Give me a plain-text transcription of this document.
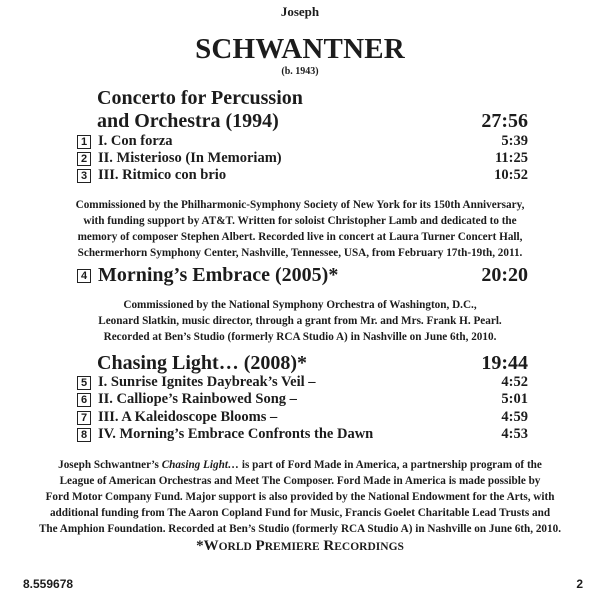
Joseph
SCHWANTNER
(b. 1943)
Concerto for Percussion
and Orchestra (1994)	27:56
1 I. Con forza	5:39
2 II. Misterioso (In Memoriam)	11:25
3 III. Ritmico con brio	10:52

Commissioned by the Philharmonic-Symphony Society of New York for its 150th Anniversary,

with funding support by AT&T. Written for soloist Christopher Lamb and dedicated to the

memory of composer Stephen Albert. Recorded live in concert at Laura Turner Concert Hall,

Schermerhorn Symphony Center, Nashville, Tennessee, USA, from February 17th-19th, 2011.

4 Morning’s Embrace (2005)*	20:20

Commissioned by the National Symphony Orchestra of Washington, D.C.,

Leonard Slatkin, music director, through a grant from Mr. and Mrs. Frank H. Pearl.

Recorded at Ben’s Studio (formerly RCA Studio A) in Nashville on June 6th, 2010.

Chasing Light… (2008)*	19:44
5 I. Sunrise Ignites Daybreak’s Veil –	4:52
6 II. Calliope’s Rainbowed Song –	5:01
7 III. A Kaleidoscope Blooms –	4:59
8 IV. Morning’s Embrace Confronts the Dawn	4:53

Joseph Schwantner’s Chasing Light… is part of Ford Made in America, a partnership program of the

League of American Orchestras and Meet The Composer. Ford Made in America is made possible by

Ford Motor Company Fund. Major support is also provided by the National Endowment for the Arts, with

additional funding from The Aaron Copland Fund for Music, Francis Goelet Charitable Lead Trusts and

The Amphion Foundation. Recorded at Ben’s Studio (formerly RCA Studio A) in Nashville on June 6th, 2010.

*WORLD PREMIERE RECORDINGS
8.559678	2
